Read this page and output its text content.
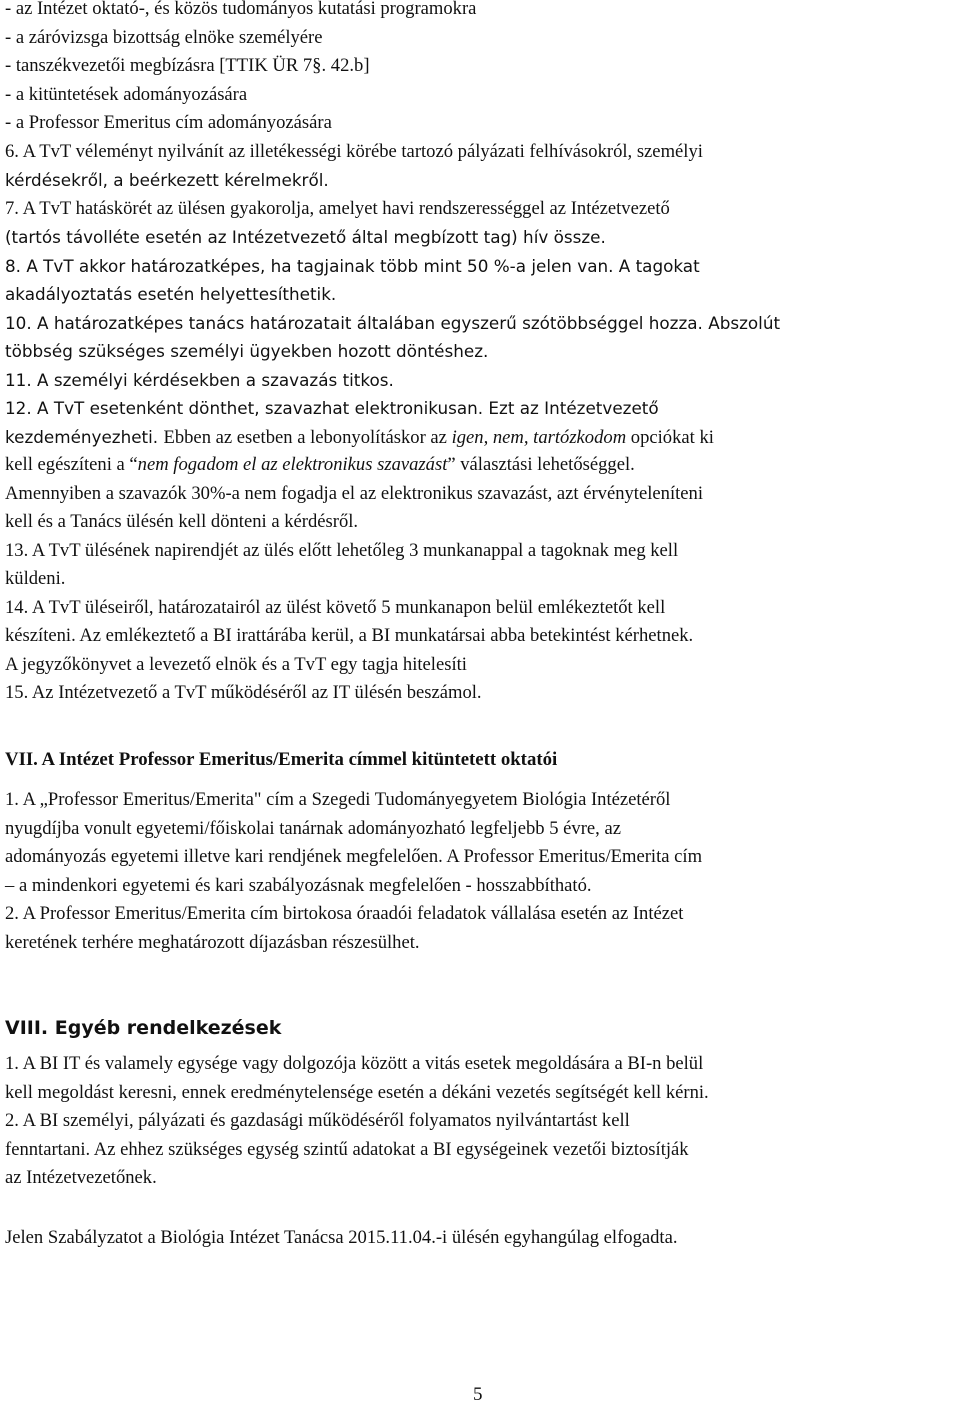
- az Intézet oktató-, és közös tudományos kutatási programokra
- a záróvizsga bizottság elnöke személyére
- tanszékvezetői megbízásra [TTIK ÜR 7§. 42.b]
- a kitüntetések adományozására
- a Professor Emeritus cím adományozására
6. A TvT véleményt nyilvánít az illetékességi körébe tartozó pályázati felhívásokról, személyi
kérdésekről, a beérkezett kérelmekről.
7. A TvT hatáskörét az ülésen gyakorolja, amelyet havi rendszerességgel az Intézetvezető
(tartós távolléte esetén az Intézetvezető által megbízott tag) hív össze.
8. A TvT akkor határozatképes, ha tagjainak több mint 50 %-a jelen van. A tagokat
akadályoztatás esetén helyettesíthetik.
10. A határozatképes tanács határozatait általában egyszerű szótöbbséggel hozza. Abszolút
többség szükséges személyi ügyekben hozott döntéshez.
11. A személyi kérdésekben a szavazás titkos.
12. A TvT esetenként dönthet, szavazhat elektronikusan. Ezt az Intézetvezető
kezdeményezheti. Ebben az esetben a lebonyolításkor az igen, nem, tartózkodom opciókat ki
kell egészíteni a “nem fogadom el az elektronikus szavazást” választási lehetőséggel.
Amennyiben a szavazók 30%-a nem fogadja el az elektronikus szavazást, azt érvényteleníteni
kell és a Tanács ülésén kell dönteni a kérdésről.
13. A TvT ülésének napirendjét az ülés előtt lehetőleg 3 munkanappal a tagoknak meg kell
küldeni.
14. A TvT üléseiről, határozatairól az ülést követő 5 munkanapon belül emlékeztetőt kell
készíteni. Az emlékeztető a BI irattárába kerül, a BI munkatársai abba betekintést kérhetnek.
A jegyzőkönyvet a levezető elnök és a TvT egy tagja hitelesíti
15. Az Intézetvezető a TvT működéséről az IT ülésén beszámol.
VII. A Intézet Professor Emeritus/Emerita címmel kitüntetett oktatói
1. A „Professor Emeritus/Emerita" cím a Szegedi Tudományegyetem Biológia Intézetéről
nyugdíjba vonult egyetemi/főiskolai tanárnak adományozható legfeljebb 5 évre, az
adományozás egyetemi illetve kari rendjének megfelelően. A Professor Emeritus/Emerita cím
– a mindenkori egyetemi és kari szabályozásnak megfelelően - hosszabbítható.
2. A Professor Emeritus/Emerita cím birtokosa óraadói feladatok vállalása esetén az Intézet
keretének terhére meghatározott díjazásban részesülhet.
VIII. Egyéb rendelkezések
1. A BI IT és valamely egysége vagy dolgozója között a vitás esetek megoldására a BI-n belül
kell megoldást keresni, ennek eredménytelensége esetén a dékáni vezetés segítségét kell kérni.
2. A BI személyi, pályázati és gazdasági működéséről folyamatos nyilvántartást kell
fenntartani. Az ehhez szükséges egység szintű adatokat a BI egységeinek vezetői biztosítják
az Intézetvezetőnek.
Jelen Szabályzatot a Biológia Intézet Tanácsa 2015.11.04.-i ülésén egyhangúlag elfogadta.
5
